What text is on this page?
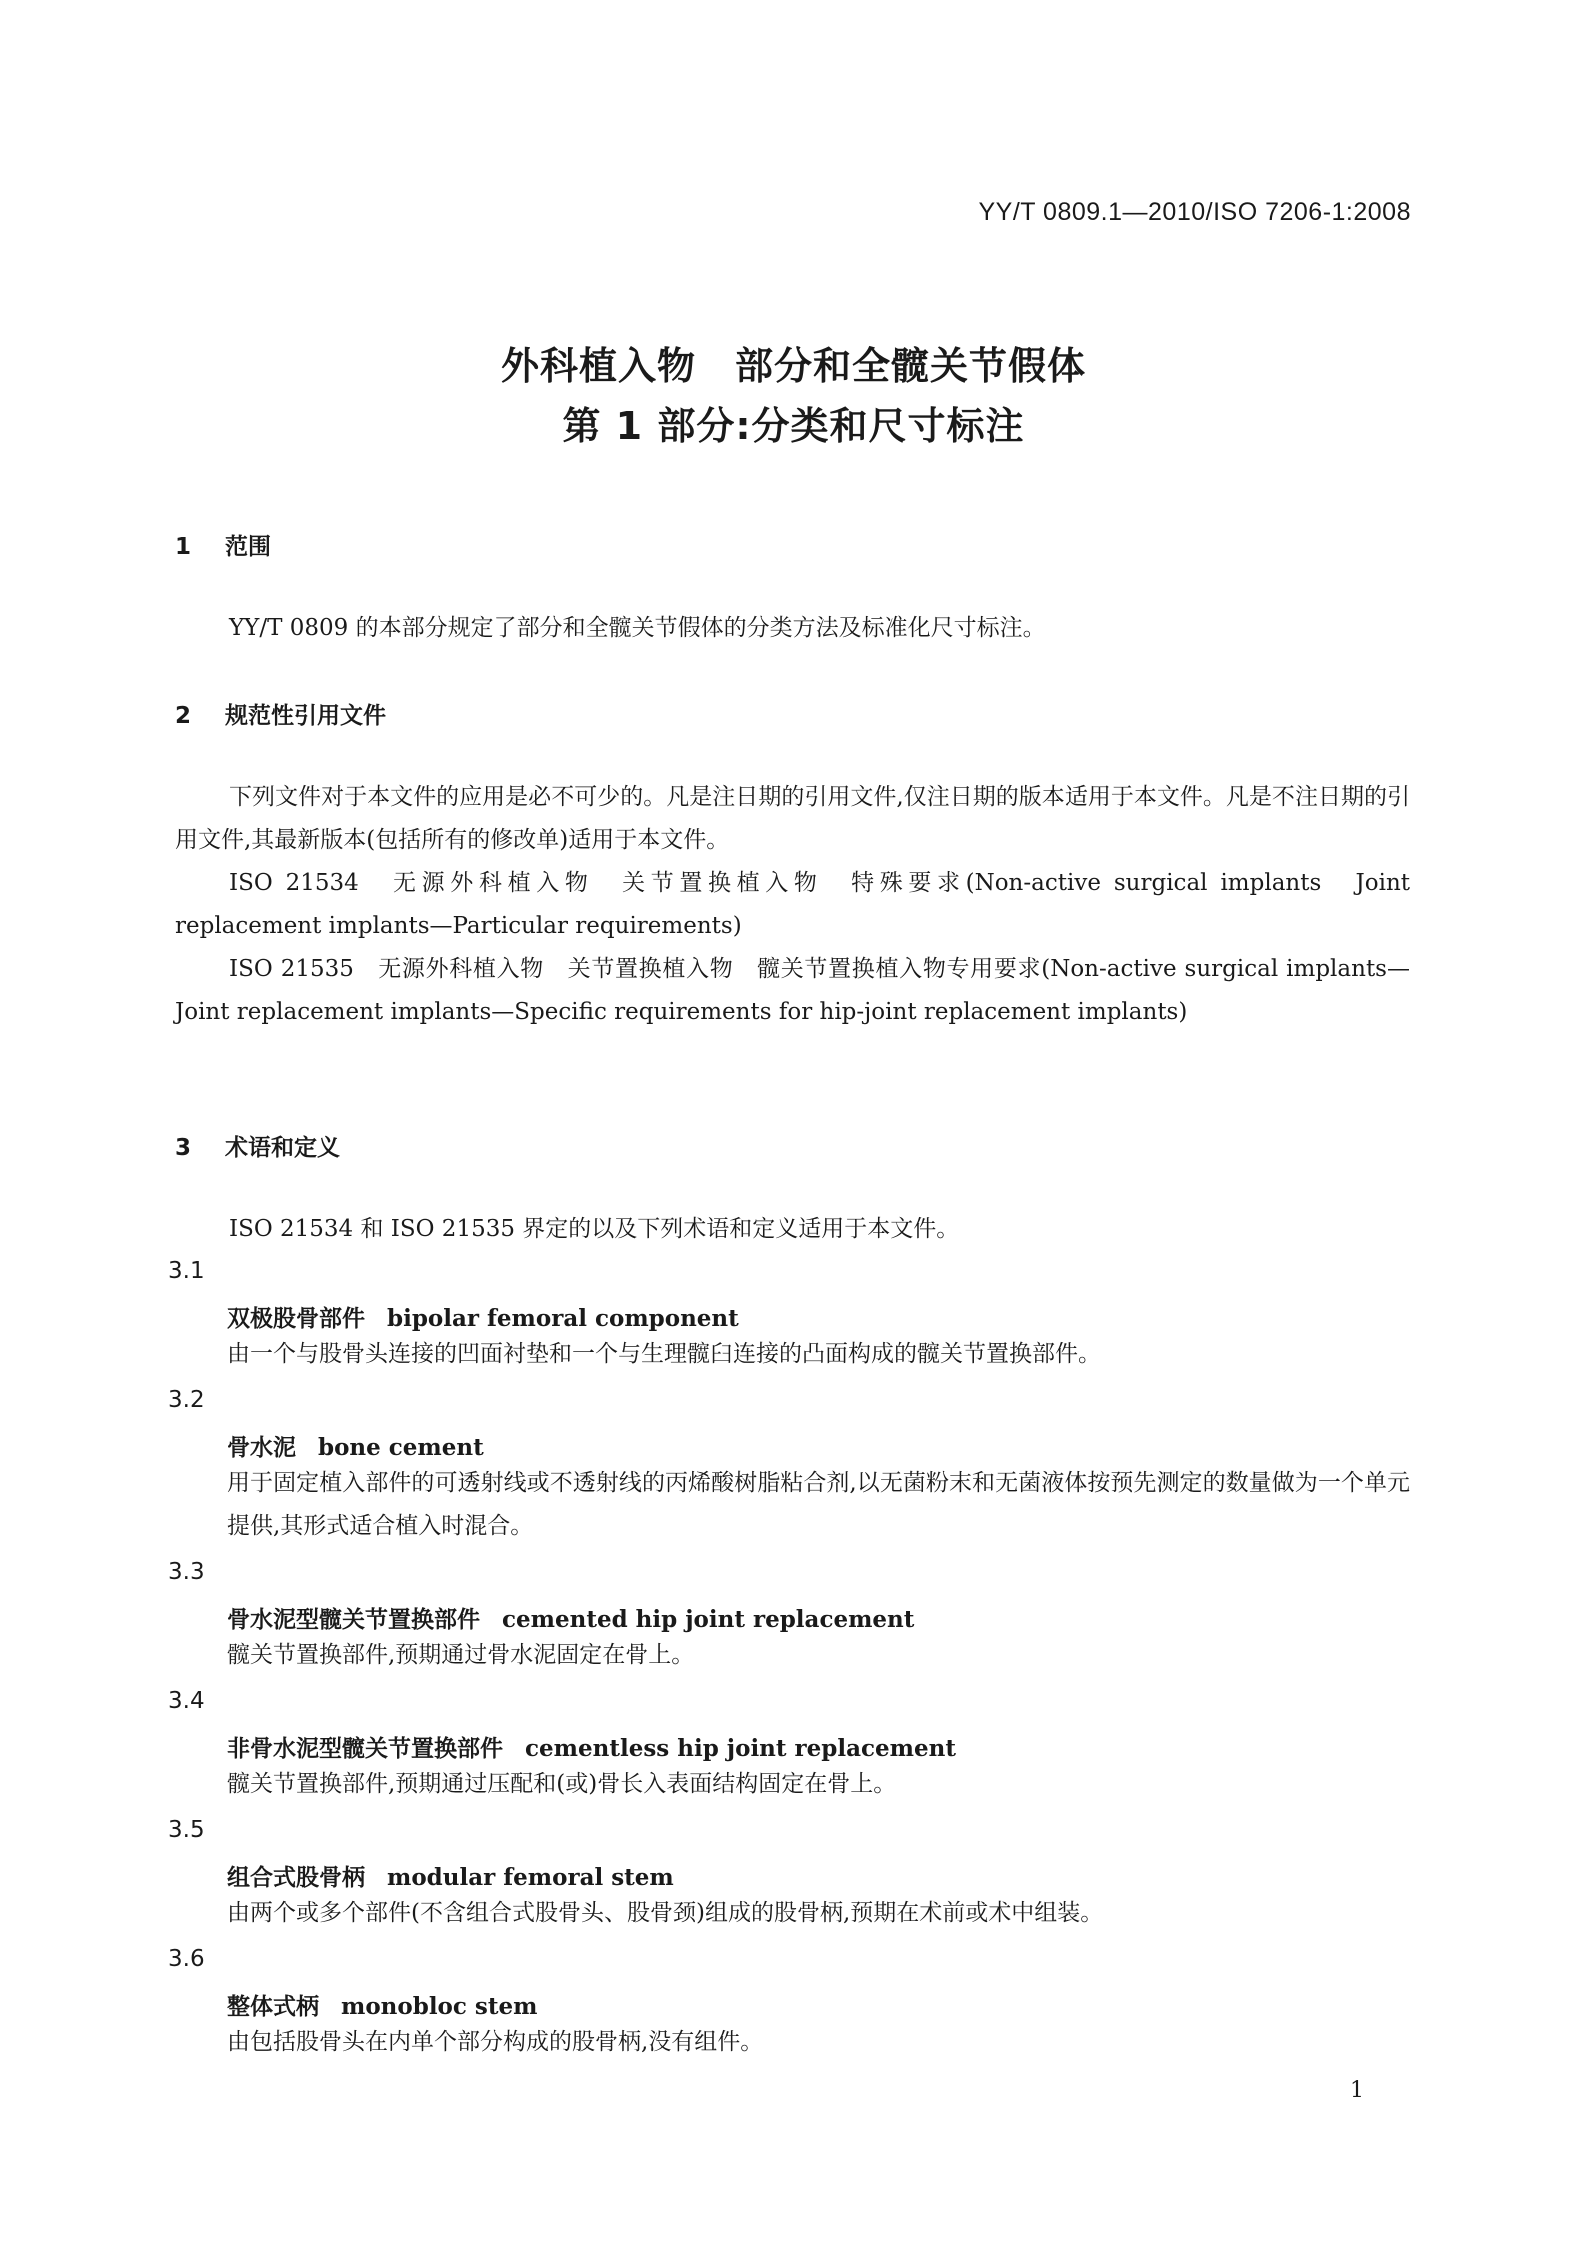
YY/T 0809.1—2010/ISO 7206-1:2008
外科植入物　部分和全髋关节假体
第 1 部分:分类和尺寸标注
1 范围
YY/T 0809 的本部分规定了部分和全髋关节假体的分类方法及标准化尺寸标注。
2 规范性引用文件
下列文件对于本文件的应用是必不可少的。凡是注日期的引用文件,仅注日期的版本适用于本文件。凡是不注日期的引用文件,其最新版本(包括所有的修改单)适用于本文件。
ISO 21534　无源外科植入物　关节置换植入物　特殊要求(Non-active surgical implants　Joint replacement implants—Particular requirements)
ISO 21535　无源外科植入物　关节置换植入物　髋关节置换植入物专用要求(Non-active surgical implants—Joint replacement implants—Specific requirements for hip-joint replacement implants)
3 术语和定义
ISO 21534 和 ISO 21535 界定的以及下列术语和定义适用于本文件。
3.1
双极股骨部件 bipolar femoral component
由一个与股骨头连接的凹面衬垫和一个与生理髋臼连接的凸面构成的髋关节置换部件。
3.2
骨水泥 bone cement
用于固定植入部件的可透射线或不透射线的丙烯酸树脂粘合剂,以无菌粉末和无菌液体按预先测定的数量做为一个单元提供,其形式适合植入时混合。
3.3
骨水泥型髋关节置换部件 cemented hip joint replacement
髋关节置换部件,预期通过骨水泥固定在骨上。
3.4
非骨水泥型髋关节置换部件 cementless hip joint replacement
髋关节置换部件,预期通过压配和(或)骨长入表面结构固定在骨上。
3.5
组合式股骨柄 modular femoral stem
由两个或多个部件(不含组合式股骨头、股骨颈)组成的股骨柄,预期在术前或术中组装。
3.6
整体式柄 monobloc stem
由包括股骨头在内单个部分构成的股骨柄,没有组件。
1
